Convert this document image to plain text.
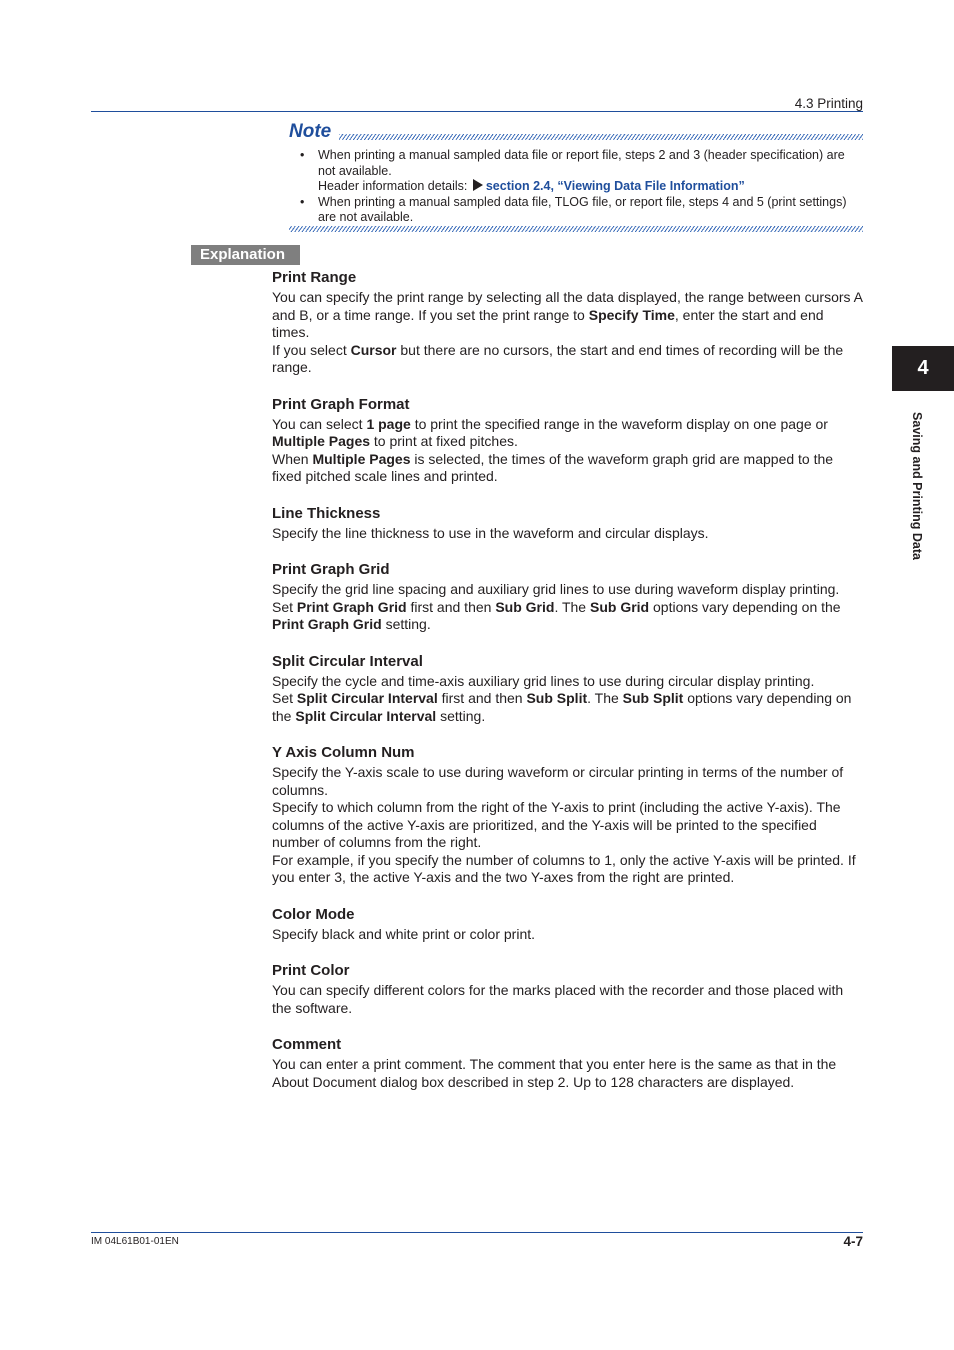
4.3 Printing
Note
• When printing a manual sampled data file or report file, steps 2 and 3 (header specification) are not available.
Header information details: section 2.4, “Viewing Data File Information”
• When printing a manual sampled data file, TLOG file, or report file, steps 4 and 5 (print settings) are not available.
Explanation
Print Range

You can specify the print range by selecting all the data displayed, the range between cursors A and B, or a time range. If you set the print range to Specify Time, enter the start and end times.

If you select Cursor but there are no cursors, the start and end times of recording will be the range.

Print Graph Format

You can select 1 page to print the specified range in the waveform display on one page or Multiple Pages to print at fixed pitches.

When Multiple Pages is selected, the times of the waveform graph grid are mapped to the fixed pitched scale lines and printed.

Line Thickness

Specify the line thickness to use in the waveform and circular displays.

Print Graph Grid

Specify the grid line spacing and auxiliary grid lines to use during waveform display printing.

Set Print Graph Grid first and then Sub Grid. The Sub Grid options vary depending on the Print Graph Grid setting.

Split Circular Interval

Specify the cycle and time-axis auxiliary grid lines to use during circular display printing.

Set Split Circular Interval first and then Sub Split. The Sub Split options vary depending on the Split Circular Interval setting.

Y Axis Column Num

Specify the Y-axis scale to use during waveform or circular printing in terms of the number of columns.

Specify to which column from the right of the Y-axis to print (including the active Y-axis). The columns of the active Y-axis are prioritized, and the Y-axis will be printed to the specified number of columns from the right.

For example, if you specify the number of columns to 1, only the active Y-axis will be printed. If you enter 3, the active Y-axis and the two Y-axes from the right are printed.

Color Mode

Specify black and white print or color print.

Print Color

You can specify different colors for the marks placed with the recorder and those placed with the software.

Comment

You can enter a print comment. The comment that you enter here is the same as that in the About Document dialog box described in step 2. Up to 128 characters are displayed.

4
Saving and Printing Data
IM 04L61B01-01EN	4-7
